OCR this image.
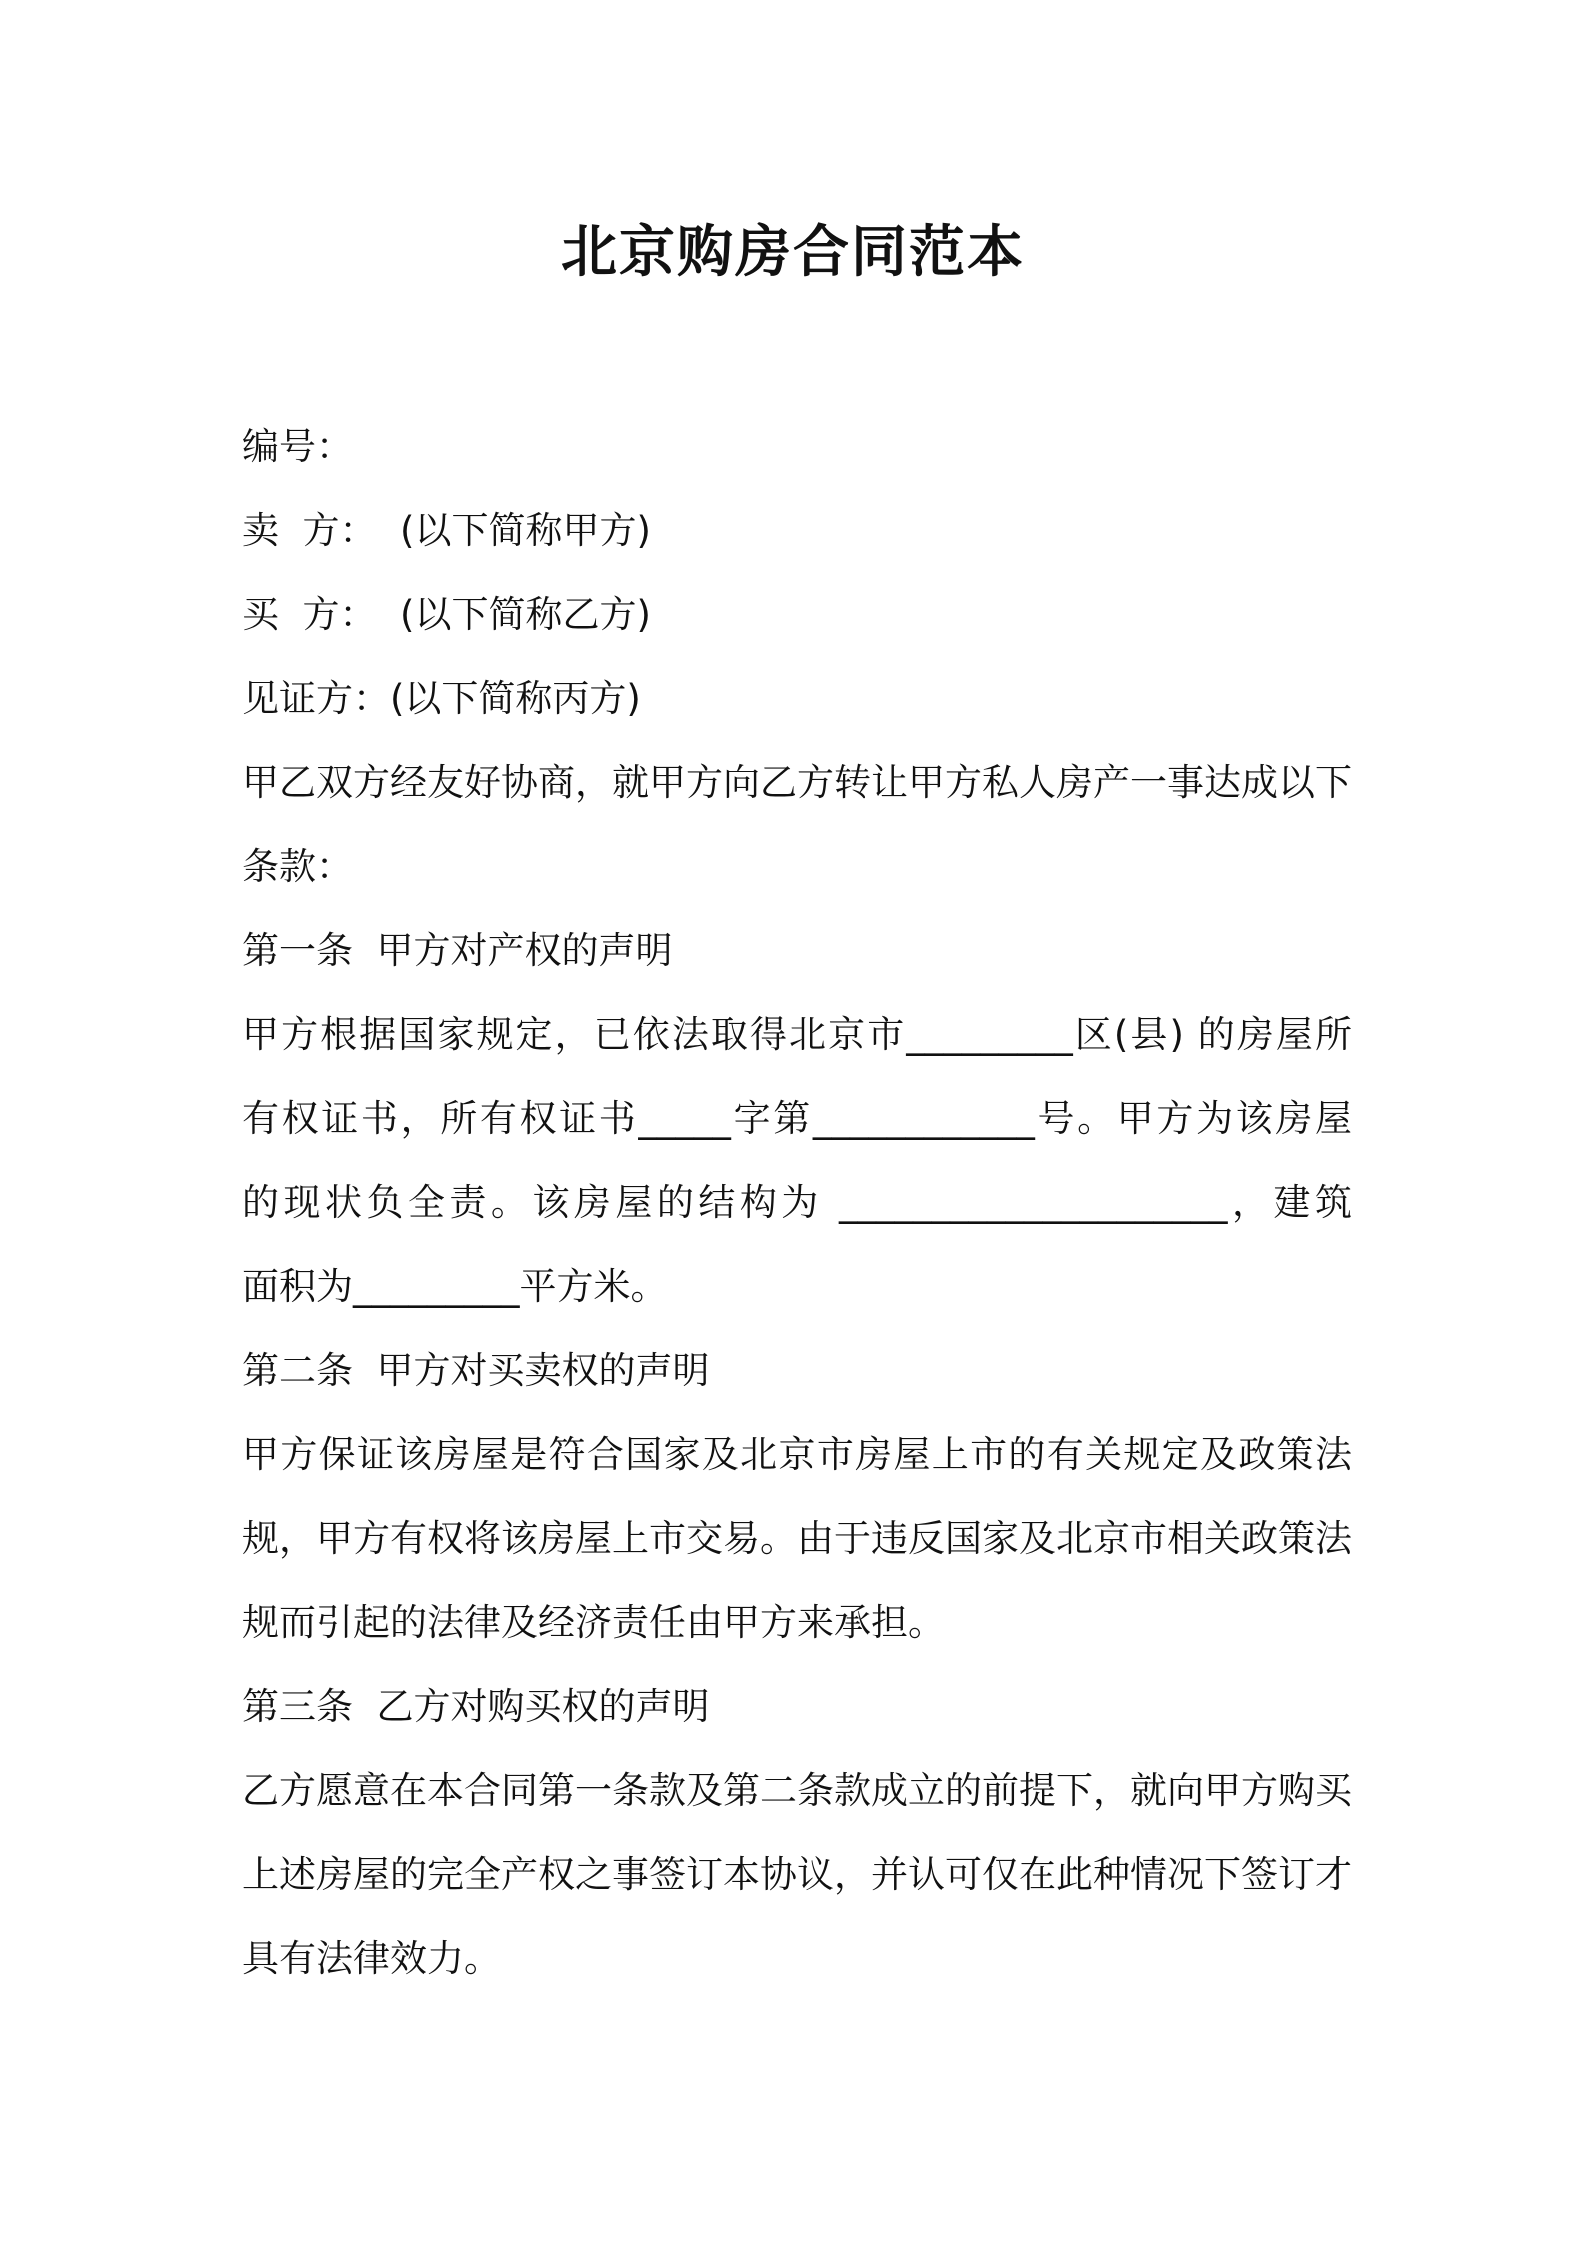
北京购房合同范本

编号：

卖  方：  (以下简称甲方)

买  方：  (以下简称乙方)

见证方：(以下简称丙方)

甲乙双方经友好协商，就甲方向乙方转让甲方私人房产一事达成以下

条款：

第一条  甲方对产权的声明

甲方根据国家规定，已依法取得北京市_________区(县) 的房屋所

有权证书，所有权证书_____字第____________号。甲方为该房屋

的现状负全责。该房屋的结构为 _____________________，建筑

面积为_________平方米。

第二条  甲方对买卖权的声明

甲方保证该房屋是符合国家及北京市房屋上市的有关规定及政策法

规，甲方有权将该房屋上市交易。由于违反国家及北京市相关政策法

规而引起的法律及经济责任由甲方来承担。

第三条  乙方对购买权的声明

乙方愿意在本合同第一条款及第二条款成立的前提下，就向甲方购买

上述房屋的完全产权之事签订本协议，并认可仅在此种情况下签订才

具有法律效力。
